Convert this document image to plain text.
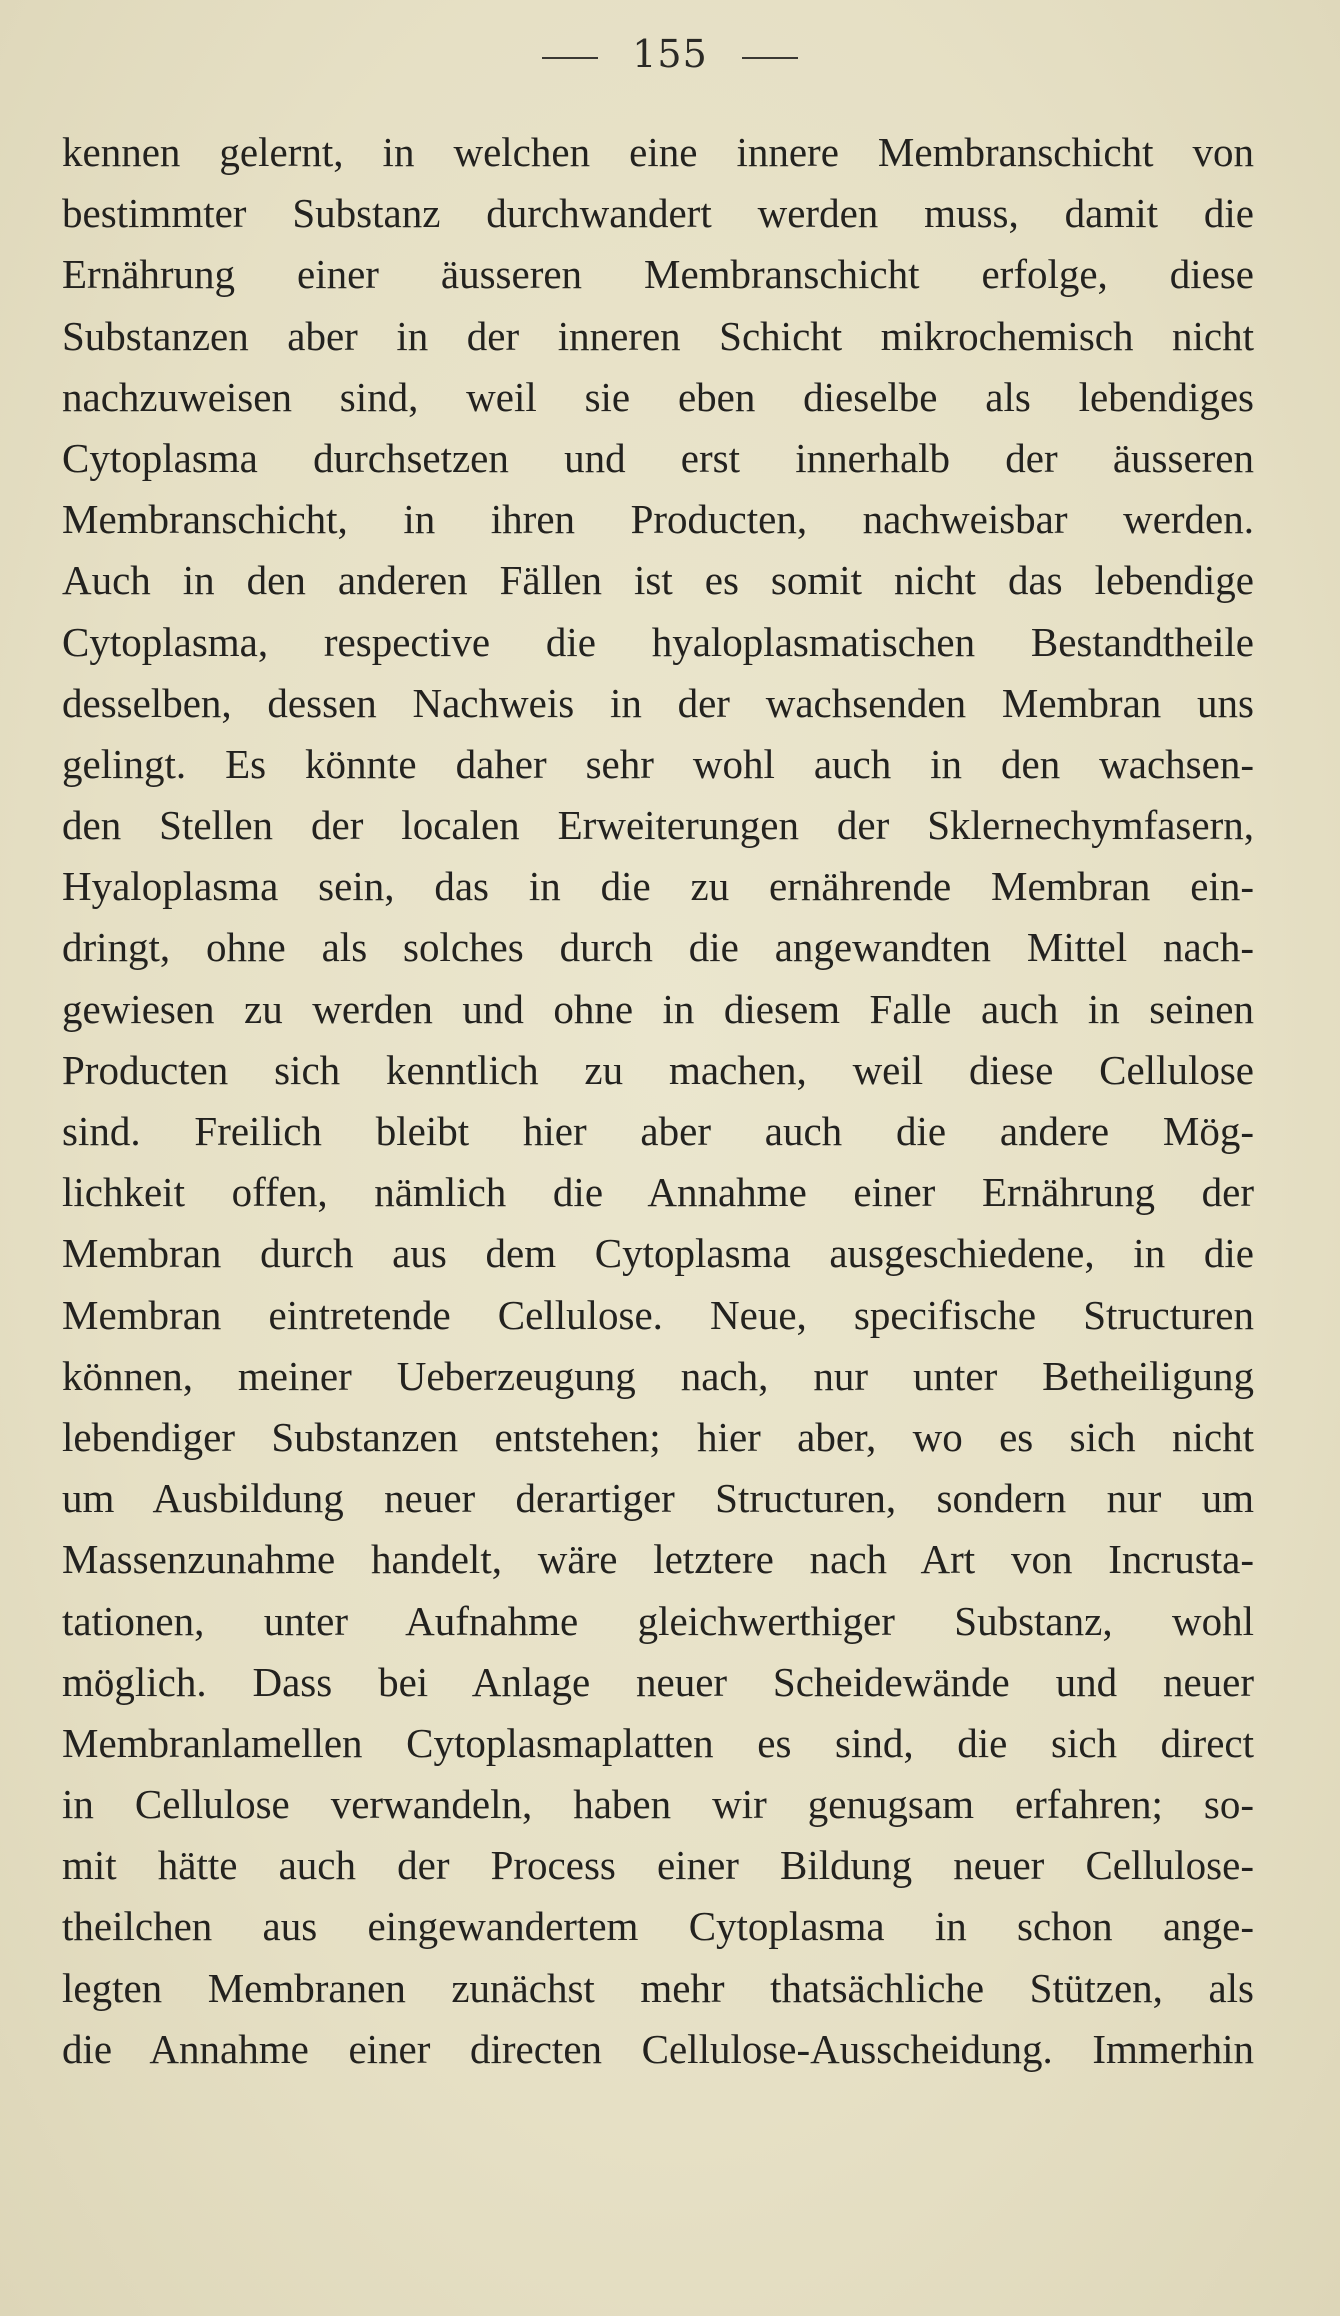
155
kennen gelernt, in welchen eine innere Membranschicht von
bestimmter Substanz durchwandert werden muss, damit die
Ernährung einer äusseren Membranschicht erfolge, diese
Substanzen aber in der inneren Schicht mikrochemisch nicht
nachzuweisen sind, weil sie eben dieselbe als lebendiges
Cytoplasma durchsetzen und erst innerhalb der äusseren
Membranschicht, in ihren Producten, nachweisbar werden.
Auch in den anderen Fällen ist es somit nicht das lebendige
Cytoplasma, respective die hyaloplasmatischen Bestandtheile
desselben, dessen Nachweis in der wachsenden Membran uns
gelingt. Es könnte daher sehr wohl auch in den wachsen-
den Stellen der localen Erweiterungen der Sklernechymfasern,
Hyaloplasma sein, das in die zu ernährende Membran ein-
dringt, ohne als solches durch die angewandten Mittel nach-
gewiesen zu werden und ohne in diesem Falle auch in seinen
Producten sich kenntlich zu machen, weil diese Cellulose
sind. Freilich bleibt hier aber auch die andere Mög-
lichkeit offen, nämlich die Annahme einer Ernährung der
Membran durch aus dem Cytoplasma ausgeschiedene, in die
Membran eintretende Cellulose. Neue, specifische Structuren
können, meiner Ueberzeugung nach, nur unter Betheiligung
lebendiger Substanzen entstehen; hier aber, wo es sich nicht
um Ausbildung neuer derartiger Structuren, sondern nur um
Massenzunahme handelt, wäre letztere nach Art von Incrusta-
tationen, unter Aufnahme gleichwerthiger Substanz, wohl
möglich. Dass bei Anlage neuer Scheidewände und neuer
Membranlamellen Cytoplasmaplatten es sind, die sich direct
in Cellulose verwandeln, haben wir genugsam erfahren; so-
mit hätte auch der Process einer Bildung neuer Cellulose-
theilchen aus eingewandertem Cytoplasma in schon ange-
legten Membranen zunächst mehr thatsächliche Stützen, als
die Annahme einer directen Cellulose-Ausscheidung. Immerhin
